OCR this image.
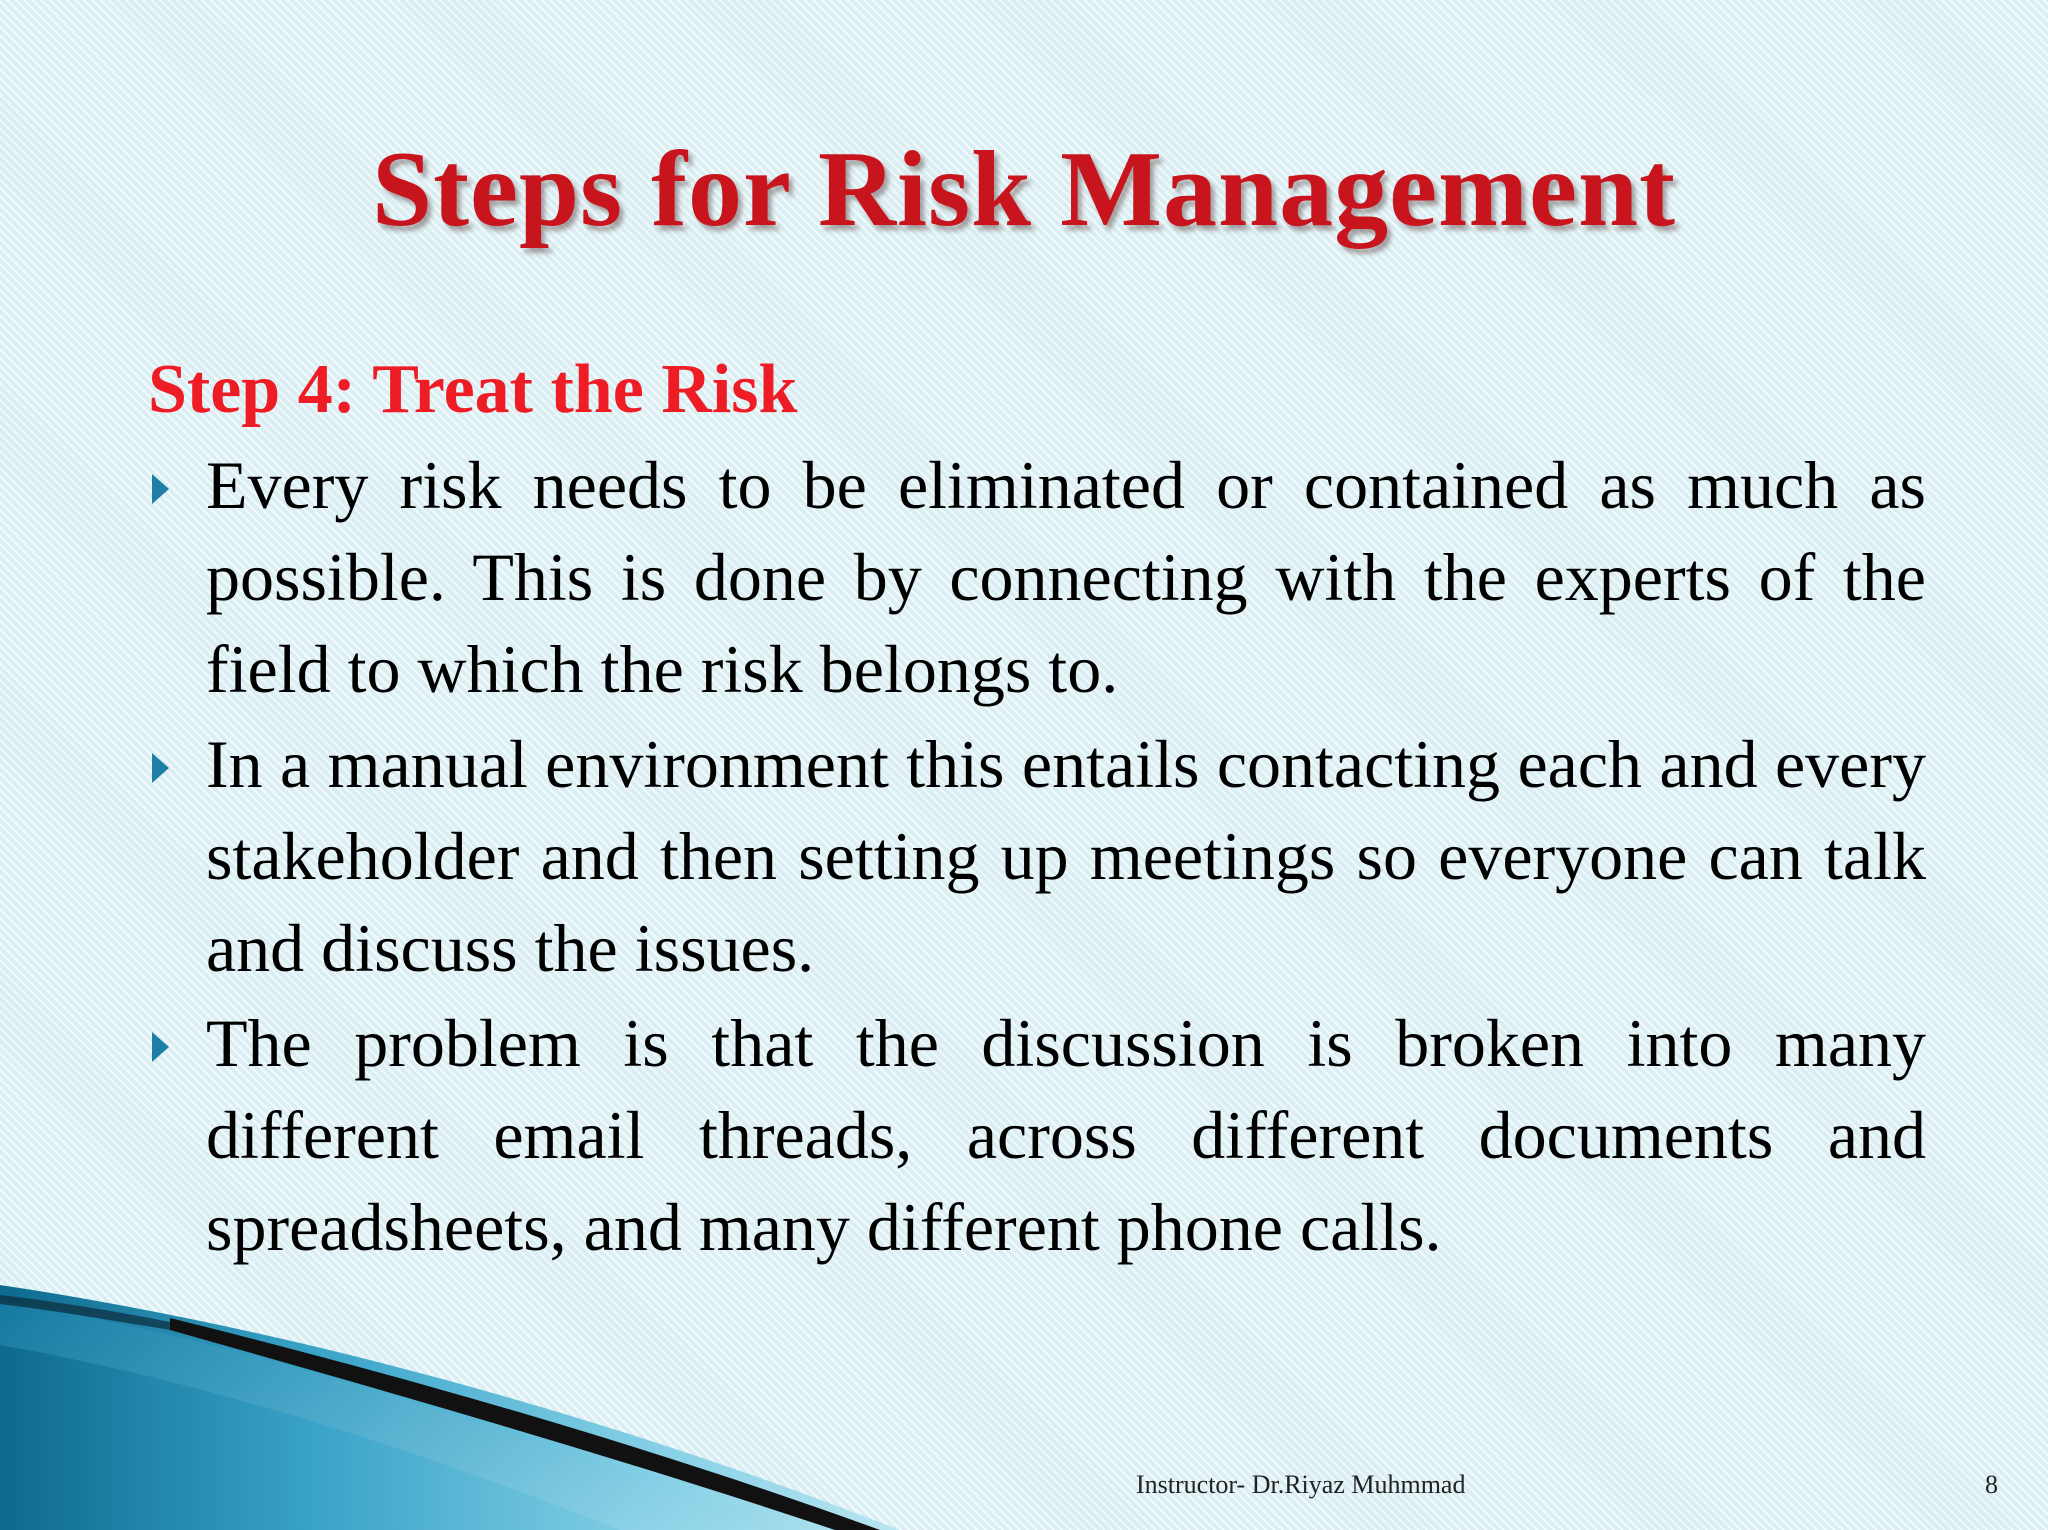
Steps for Risk Management
Step 4: Treat the Risk
Every risk needs to be eliminated or contained as much as possible. This is done by connecting with the experts of the field to which the risk belongs to.
In a manual environment this entails contacting each and every stakeholder and then setting up meetings so everyone can talk and discuss the issues.
The problem is that the discussion is broken into many different email threads, across different documents and spreadsheets, and many different phone calls.
Instructor- Dr.Riyaz Muhmmad	8
